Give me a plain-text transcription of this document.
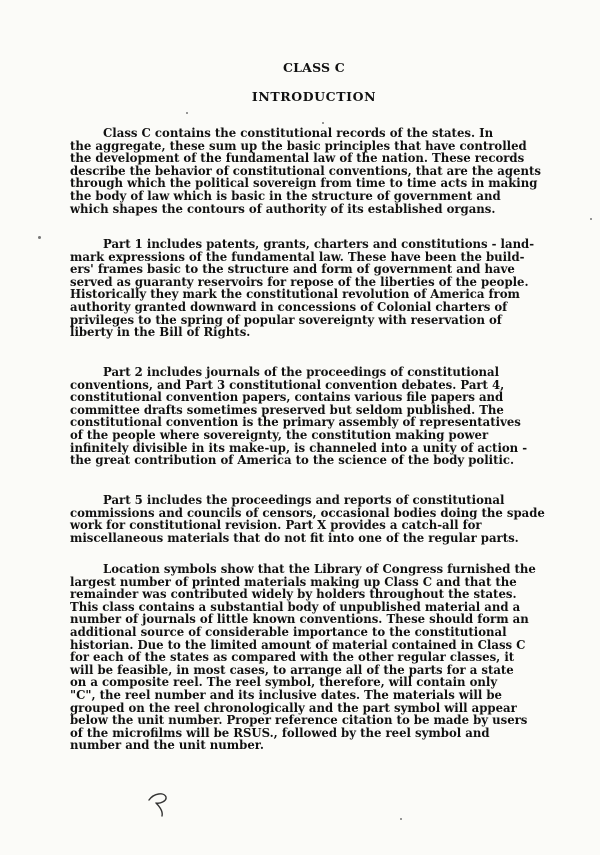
CLASS C
INTRODUCTION
Class C contains the constitutional records of the states. In
the aggregate, these sum up the basic principles that have controlled
the development of the fundamental law of the nation. These records
describe the behavior of constitutional conventions, that are the agents
through which the political sovereign from time to time acts in making
the body of law which is basic in the structure of government and
which shapes the contours of authority of its established organs.
Part 1 includes patents, grants, charters and constitutions - land-
mark expressions of the fundamental law. These have been the build-
ers' frames basic to the structure and form of government and have
served as guaranty reservoirs for repose of the liberties of the people.
Historically they mark the constitutional revolution of America from
authority granted downward in concessions of Colonial charters of
privileges to the spring of popular sovereignty with reservation of
liberty in the Bill of Rights.
Part 2 includes journals of the proceedings of constitutional
conventions, and Part 3 constitutional convention debates. Part 4,
constitutional convention papers, contains various file papers and
committee drafts sometimes preserved but seldom published. The
constitutional convention is the primary assembly of representatives
of the people where sovereignty, the constitution making power
infinitely divisible in its make-up, is channeled into a unity of action -
the great contribution of America to the science of the body politic.
Part 5 includes the proceedings and reports of constitutional
commissions and councils of censors, occasional bodies doing the spade
work for constitutional revision. Part X provides a catch-all for
miscellaneous materials that do not fit into one of the regular parts.
Location symbols show that the Library of Congress furnished the
largest number of printed materials making up Class C and that the
remainder was contributed widely by holders throughout the states.
This class contains a substantial body of unpublished material and a
number of journals of little known conventions. These should form an
additional source of considerable importance to the constitutional
historian. Due to the limited amount of material contained in Class C
for each of the states as compared with the other regular classes, it
will be feasible, in most cases, to arrange all of the parts for a state
on a composite reel. The reel symbol, therefore, will contain only
"C", the reel number and its inclusive dates. The materials will be
grouped on the reel chronologically and the part symbol will appear
below the unit number. Proper reference citation to be made by users
of the microfilms will be RSUS., followed by the reel symbol and
number and the unit number.
